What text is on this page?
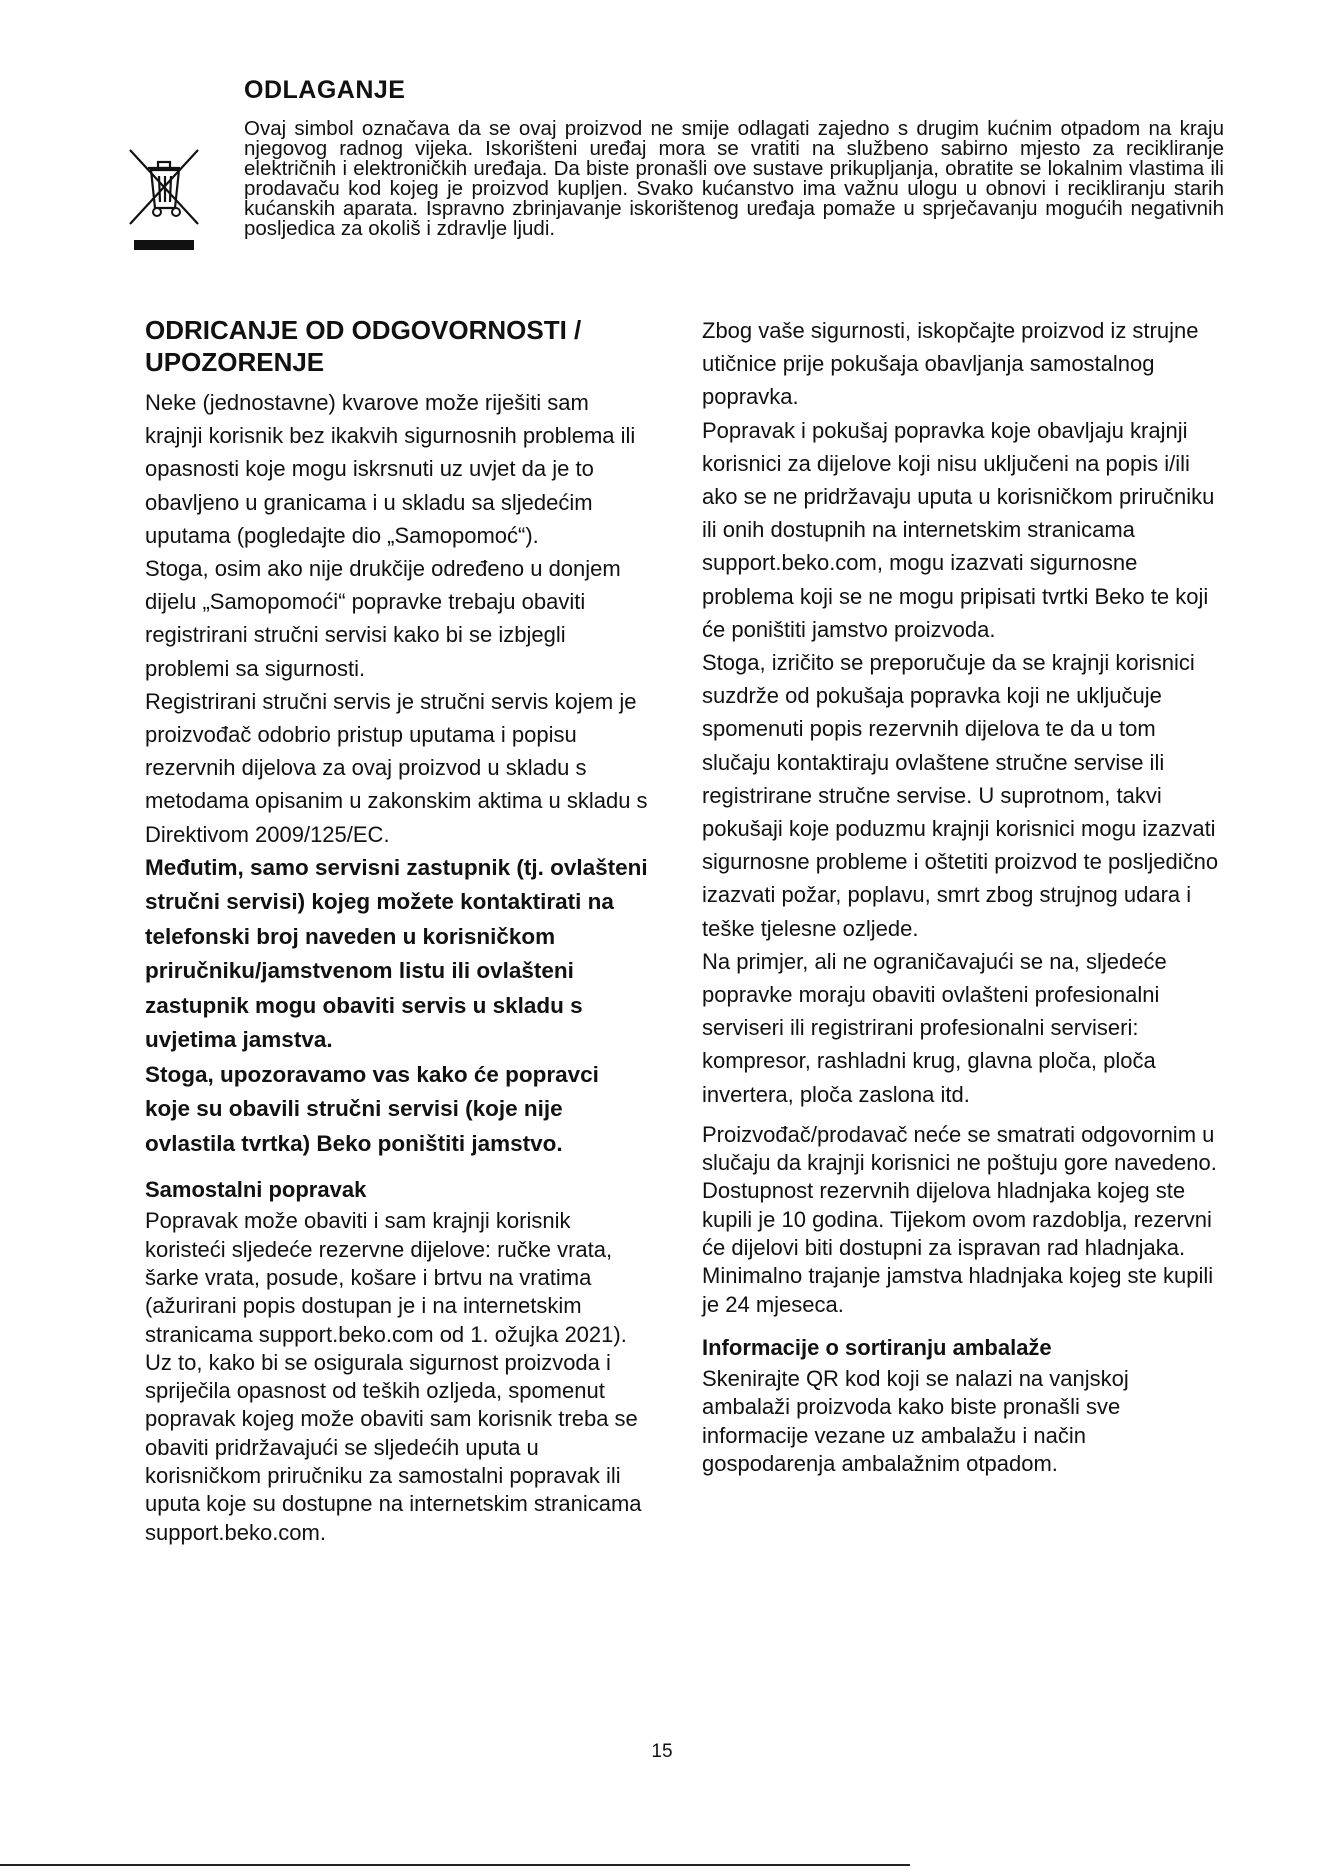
ODLAGANJE

Ovaj simbol označava da se ovaj proizvod ne smije odlagati zajedno s drugim kućnim otpadom na kraju njegovog radnog vijeka. Iskorišteni uređaj mora se vratiti na službeno sabirno mjesto za recikliranje električnih i elektroničkih uređaja. Da biste pronašli ove sustave prikupljanja, obratite se lokalnim vlastima ili prodavaču kod kojeg je proizvod kupljen. Svako kućanstvo ima važnu ulogu u obnovi i recikliranju starih kućanskih aparata. Ispravno zbrinjavanje iskorištenog uređaja pomaže u sprječavanju mogućih negativnih posljedica za okoliš i zdravlje ljudi.

ODRICANJE OD ODGOVORNOSTI / UPOZORENJE

Neke (jednostavne) kvarove može riješiti sam krajnji korisnik bez ikakvih sigurnosnih problema ili opasnosti koje mogu iskrsnuti uz uvjet da je to obavljeno u granicama i u skladu sa sljedećim uputama (pogledajte dio „Samopomoć“).

Stoga, osim ako nije drukčije određeno u donjem dijelu „Samopomoći“ popravke trebaju obaviti registrirani stručni servisi kako bi se izbjegli problemi sa sigurnosti.

Registrirani stručni servis je stručni servis kojem je proizvođač odobrio pristup uputama i popisu rezervnih dijelova za ovaj proizvod u skladu s metodama opisanim u zakonskim aktima u skladu s Direktivom 2009/125/EC.

Međutim, samo servisni zastupnik (tj. ovlašteni stručni servisi) kojeg možete kontaktirati na telefonski broj naveden u korisničkom priručniku/jamstvenom listu ili ovlašteni zastupnik mogu obaviti servis u skladu s uvjetima jamstva.

Stoga, upozoravamo vas kako će popravci koje su obavili stručni servisi (koje nije ovlastila tvrtka) Beko poništiti jamstvo.

Samostalni popravak

Popravak može obaviti i sam krajnji korisnik koristeći sljedeće rezervne dijelove: ručke vrata, šarke vrata, posude, košare i brtvu na vratima (ažurirani popis dostupan je i na internetskim stranicama support.beko.com od 1. ožujka 2021).

Uz to, kako bi se osigurala sigurnost proizvoda i spriječila opasnost od teških ozljeda, spomenut popravak kojeg može obaviti sam korisnik treba se obaviti pridržavajući se sljedećih uputa u korisničkom priručniku za samostalni popravak ili uputa koje su dostupne na internetskim stranicama support.beko.com.

Zbog vaše sigurnosti, iskopčajte proizvod iz strujne utičnice prije pokušaja obavljanja samostalnog popravka.

Popravak i pokušaj popravka koje obavljaju krajnji korisnici za dijelove koji nisu uključeni na popis i/ili ako se ne pridržavaju uputa u korisničkom priručniku ili onih dostupnih na internetskim stranicama support.beko.com, mogu izazvati sigurnosne problema koji se ne mogu pripisati tvrtki Beko te koji će poništiti jamstvo proizvoda.

Stoga, izričito se preporučuje da se krajnji korisnici suzdrže od pokušaja popravka koji ne uključuje spomenuti popis rezervnih dijelova te da u tom slučaju kontaktiraju ovlaštene stručne servise ili registrirane stručne servise. U suprotnom, takvi pokušaji koje poduzmu krajnji korisnici mogu izazvati sigurnosne probleme i oštetiti proizvod te posljedično izazvati požar, poplavu, smrt zbog strujnog udara i teške tjelesne ozljede.

Na primjer, ali ne ograničavajući se na, sljedeće popravke moraju obaviti ovlašteni profesionalni serviseri ili registrirani profesionalni serviseri: kompresor, rashladni krug, glavna ploča, ploča invertera, ploča zaslona itd.

Proizvođač/prodavač neće se smatrati odgovornim u slučaju da krajnji korisnici ne poštuju gore navedeno.

Dostupnost rezervnih dijelova hladnjaka kojeg ste kupili je 10 godina. Tijekom ovom razdoblja, rezervni će dijelovi biti dostupni za ispravan rad hladnjaka.

Minimalno trajanje jamstva hladnjaka kojeg ste kupili je 24 mjeseca.

Informacije o sortiranju ambalaže

Skenirajte QR kod koji se nalazi na vanjskoj ambalaži proizvoda kako biste pronašli sve informacije vezane uz ambalažu i način gospodarenja ambalažnim otpadom.

15
